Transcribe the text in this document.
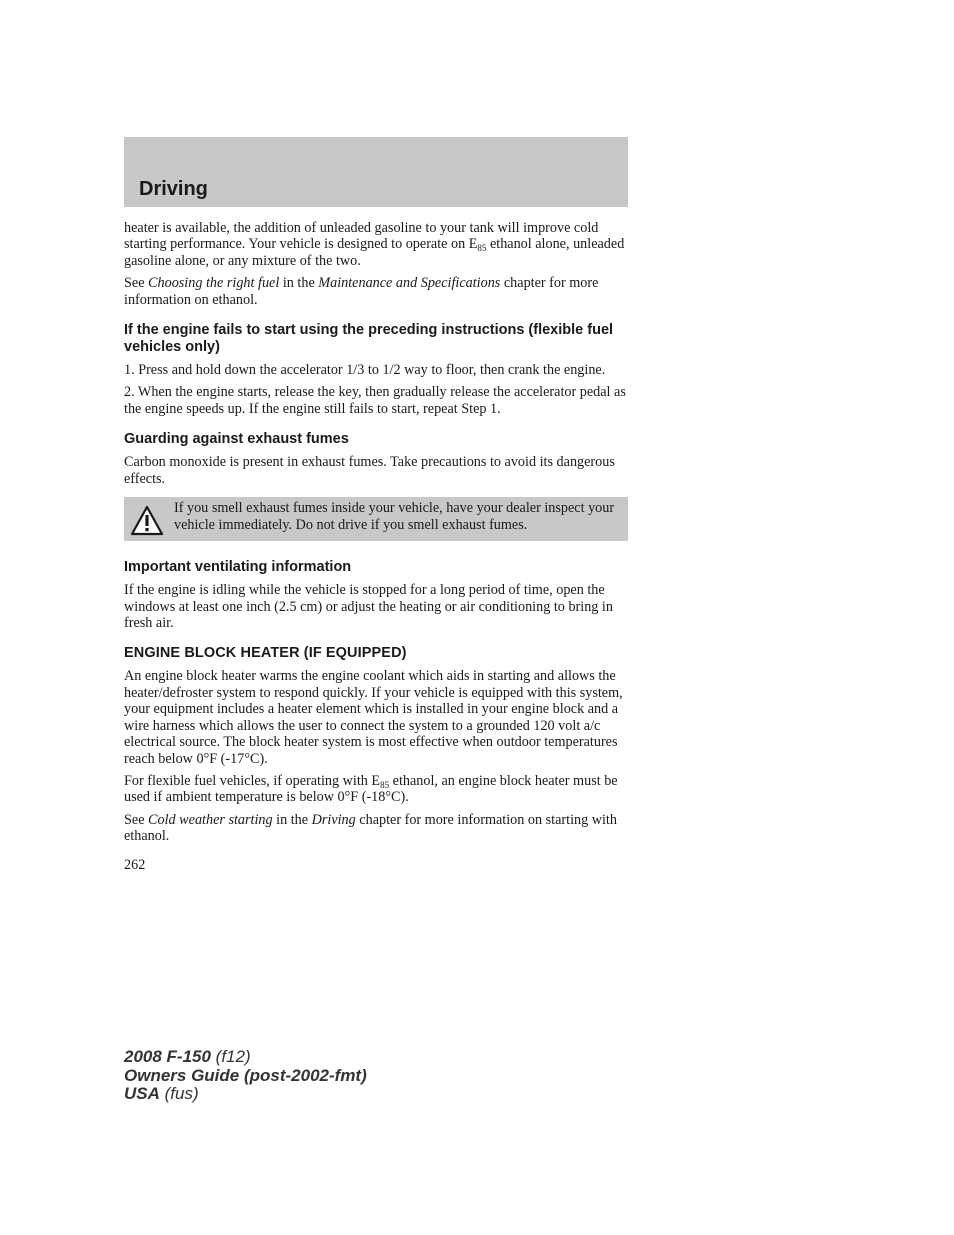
Driving

heater is available, the addition of unleaded gasoline to your tank will improve cold starting performance. Your vehicle is designed to operate on $E_{85}$ ethanol alone, unleaded gasoline alone, or any mixture of the two.

See Choosing the right fuel in the Maintenance and Specifications chapter for more information on ethanol.

If the engine fails to start using the preceding instructions (flexible fuel vehicles only)

1. Press and hold down the accelerator 1/3 to 1/2 way to floor, then crank the engine.

2. When the engine starts, release the key, then gradually release the accelerator pedal as the engine speeds up. If the engine still fails to start, repeat Step 1.

Guarding against exhaust fumes

Carbon monoxide is present in exhaust fumes. Take precautions to avoid its dangerous effects.

If you smell exhaust fumes inside your vehicle, have your dealer inspect your vehicle immediately. Do not drive if you smell exhaust fumes.
Important ventilating information

If the engine is idling while the vehicle is stopped for a long period of time, open the windows at least one inch (2.5 cm) or adjust the heating or air conditioning to bring in fresh air.

ENGINE BLOCK HEATER (IF EQUIPPED)

An engine block heater warms the engine coolant which aids in starting and allows the heater/defroster system to respond quickly. If your vehicle is equipped with this system, your equipment includes a heater element which is installed in your engine block and a wire harness which allows the user to connect the system to a grounded 120 volt a/c electrical source. The block heater system is most effective when outdoor temperatures reach below 0°F (-17°C).

For flexible fuel vehicles, if operating with $E_{85}$ ethanol, an engine block heater must be used if ambient temperature is below 0°F (-18°C).

See Cold weather starting in the Driving chapter for more information on starting with ethanol.

262
2008 F-150 (f12)
Owners Guide (post-2002-fmt)
USA (fus)
